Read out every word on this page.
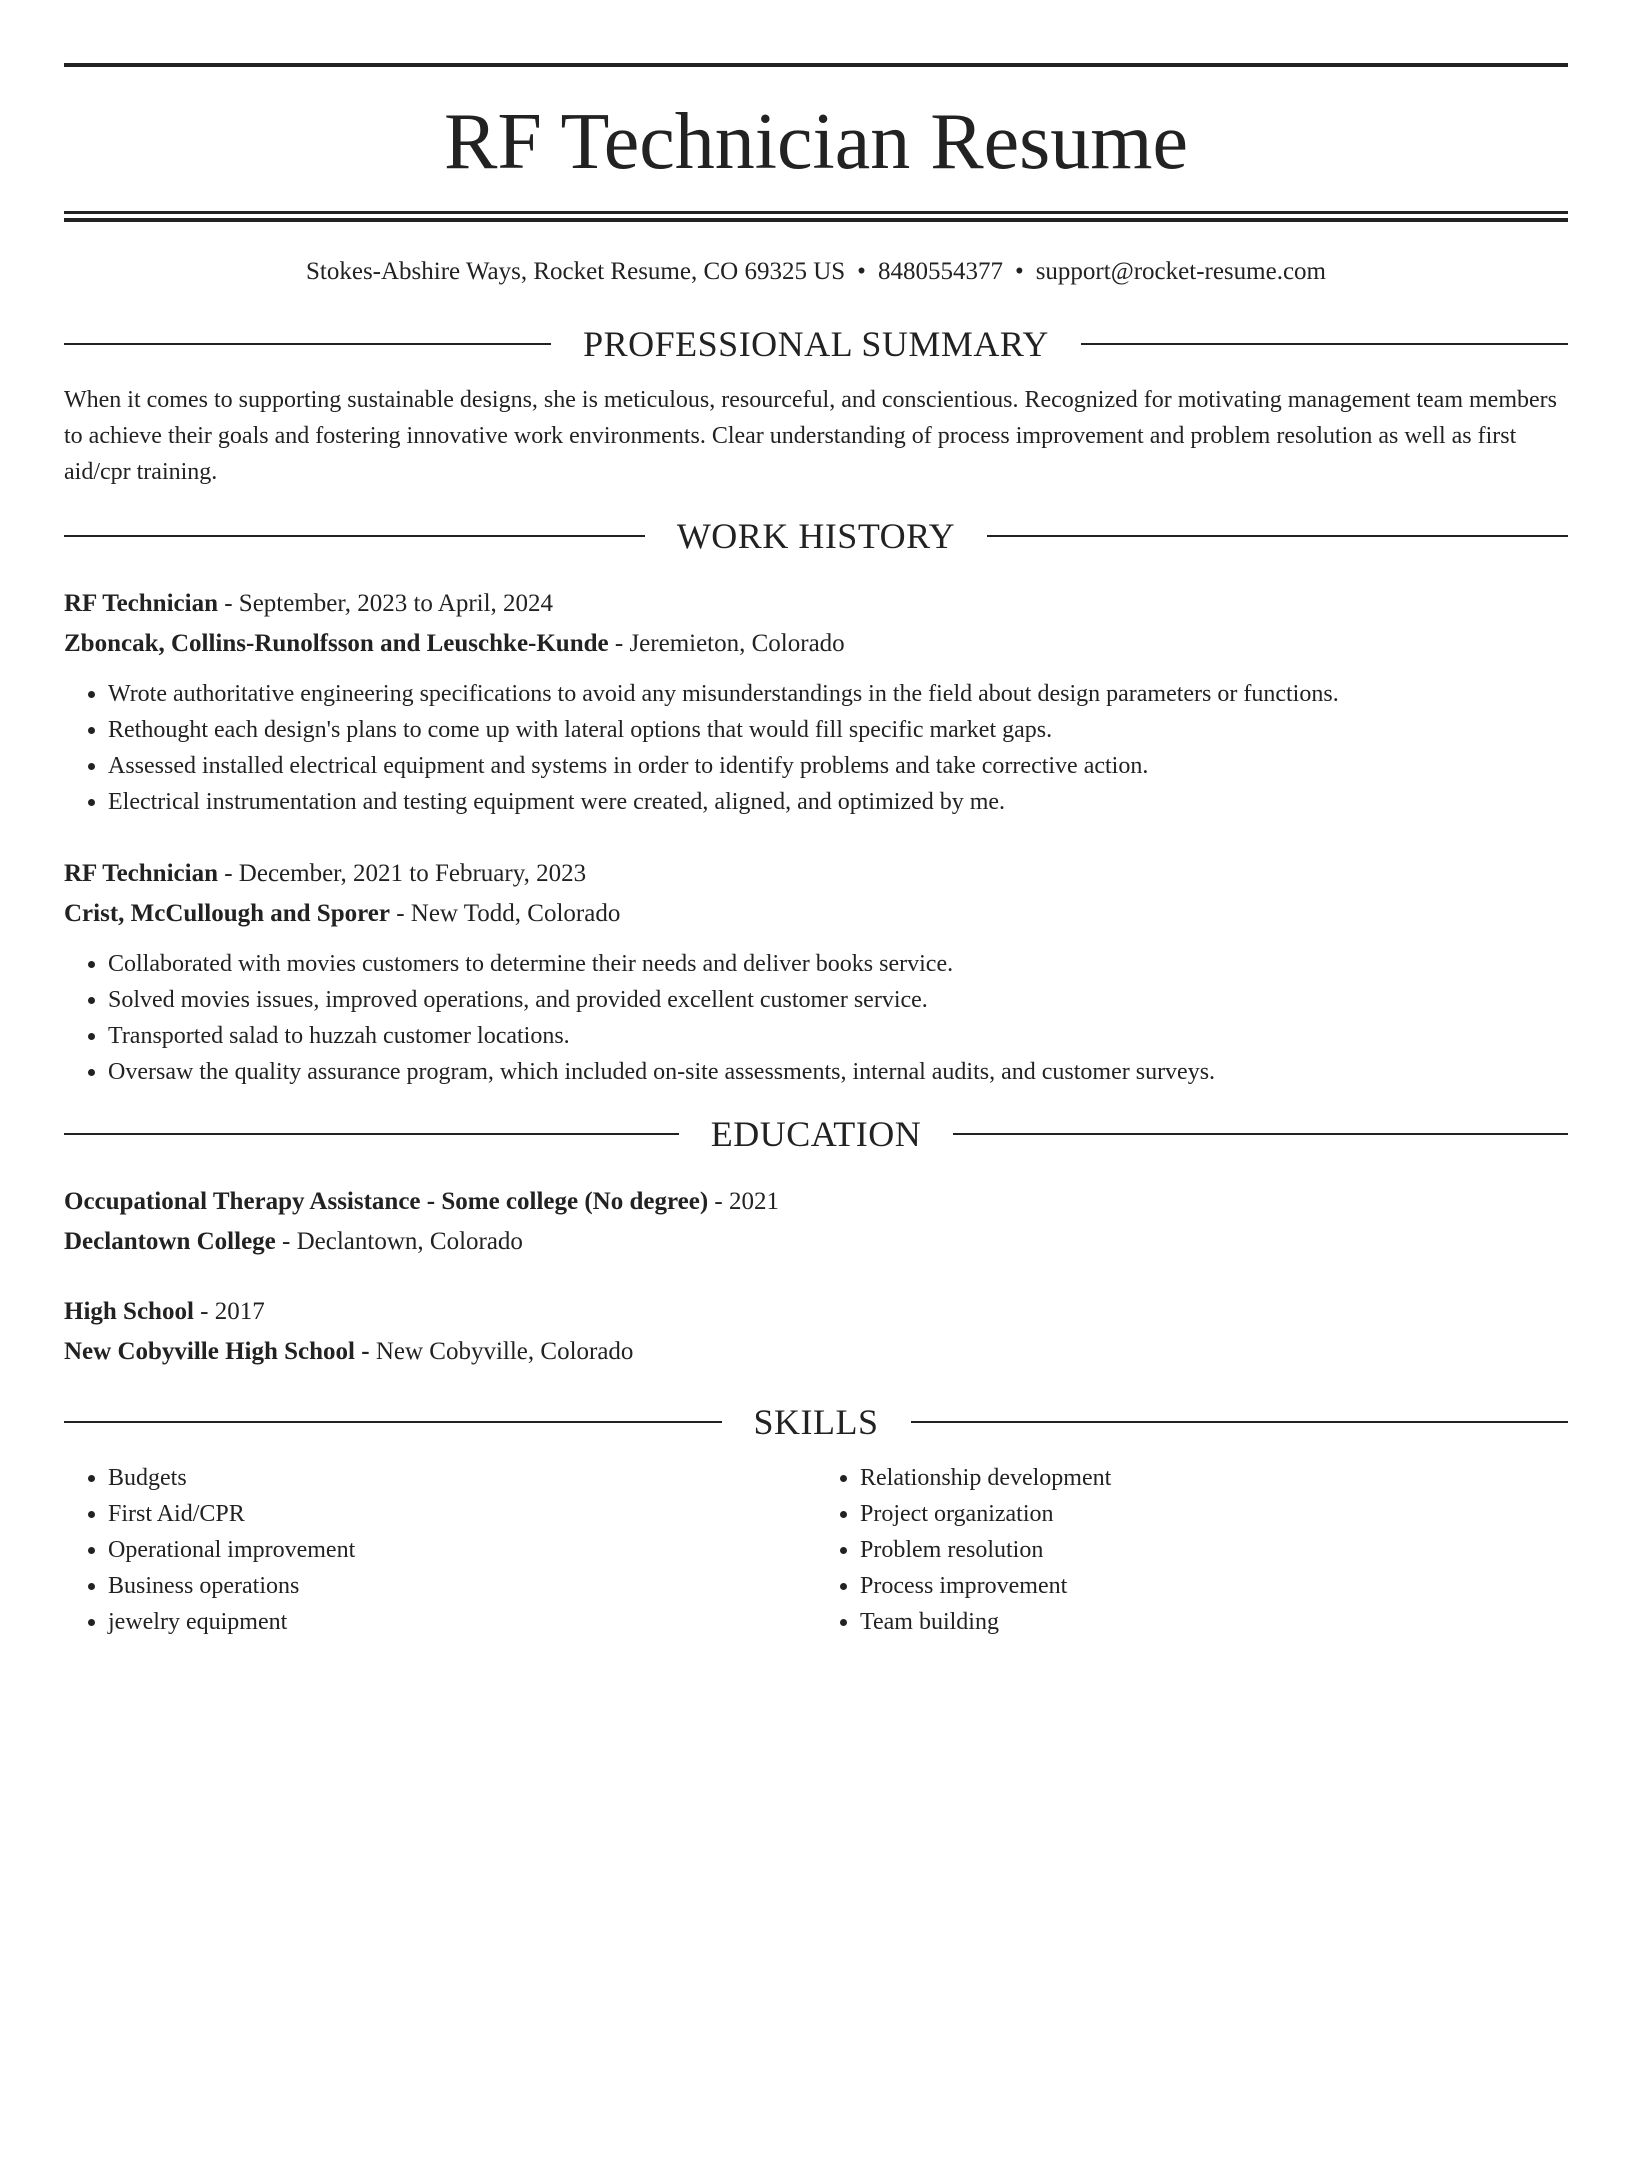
RF Technician Resume
Stokes-Abshire Ways, Rocket Resume, CO 69325 US • 8480554377 • support@rocket-resume.com
PROFESSIONAL SUMMARY
When it comes to supporting sustainable designs, she is meticulous, resourceful, and conscientious. Recognized for motivating management team members to achieve their goals and fostering innovative work environments. Clear understanding of process improvement and problem resolution as well as first aid/cpr training.
WORK HISTORY
RF Technician - September, 2023 to April, 2024
Zboncak, Collins-Runolfsson and Leuschke-Kunde - Jeremieton, Colorado
• Wrote authoritative engineering specifications to avoid any misunderstandings in the field about design parameters or functions.
• Rethought each design's plans to come up with lateral options that would fill specific market gaps.
• Assessed installed electrical equipment and systems in order to identify problems and take corrective action.
• Electrical instrumentation and testing equipment were created, aligned, and optimized by me.
RF Technician - December, 2021 to February, 2023
Crist, McCullough and Sporer - New Todd, Colorado
• Collaborated with movies customers to determine their needs and deliver books service.
• Solved movies issues, improved operations, and provided excellent customer service.
• Transported salad to huzzah customer locations.
• Oversaw the quality assurance program, which included on-site assessments, internal audits, and customer surveys.
EDUCATION
Occupational Therapy Assistance - Some college (No degree) - 2021
Declantown College - Declantown, Colorado
High School - 2017
New Cobyville High School - New Cobyville, Colorado
SKILLS
• Budgets
• First Aid/CPR
• Operational improvement
• Business operations
• jewelry equipment
• Relationship development
• Project organization
• Problem resolution
• Process improvement
• Team building
